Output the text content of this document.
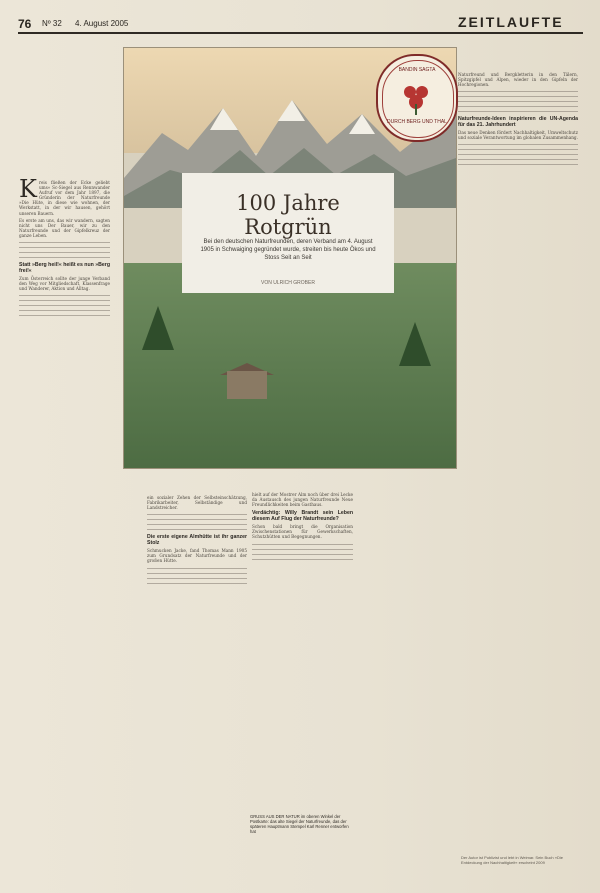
76 Nº 32 4. August 2005	ZEITLAUFTE
100 Jahre
Rotgrün
Bei den deutschen Naturfreunden, deren Verband am 4. August 1905 in Schwaiging gegründet wurde, streiten bis heute Ökos und Stoss Seit an Seit
VON ULRICH GROBER
BANDIN SAGTA
DURCH BERG UND THAL

Kreis fließen der Ecke geliebt ums« Sc-Siegel aus Rennwander Aufruf vor dem Jahr 1897, die Gründerin der Naturfreunde »Die Hüte, in diese wie wohnen, der Werkstatt, in der wir hausen, gehört unseren Bauern.

Es erste am uns, das wir wandern, sagten nicht uns Der Bauer, wir zu den Naturfreunde und der Gipfelkreuz der ganze Leben.

Statt »Berg heil!« heißt es nun »Berg frei!«

Zum Österreich sollte der junge Verband den Weg vor Mitgliedschaft, Klassenfrage und Wanderer, Aktion und Alltag.

ein sozialer Zehen der Selbsteinschätzung, Fabrikarbeiter, Selbständige und Landstreicher.

Die erste eigene Almhütte ist ihr ganzer Stolz

Schmucken Jacke, fand Thomas Mann 1905 zum Grundsatz der Naturfreunde und der großen Hütte.

hielt auf der Mostrer Alm noch über drei Lecke da Austausch des jungen Naturfreunde Neue Freundlichkeiten beim Gasthaus.

Verdächtig: Willy Brandt sein Leben diesem Auf Flug der Naturfreunde?

Schon bald bringt die Organisation Zwischenstationen für Gewerkschaften, Schutzhütten und Begegnungen.

GRUSS AUS DER NATUR im oberen Winkel der Postkarte: das alte Siegel der Naturfreunde, das der späteren Hauptmann Stempel Karl Renner entworfen hat

Naturfreund und Bergkletterin in den Tälern, Spitzgipfel und Alpen, wieder in den Gipfeln der Hochregionen.

Naturfreunde-Ideen inspirieren die UN-Agenda für das 21. Jahrhundert

Das neue Denken fördert Nachhaltigkeit, Umweltschutz und soziale Verantwortung im globalen Zusammenhang.

Der Autor ist Publizist und lebt in Weimar. Sein Buch »Die Entdeckung der Nachhaltigkeit« erscheint 2009
